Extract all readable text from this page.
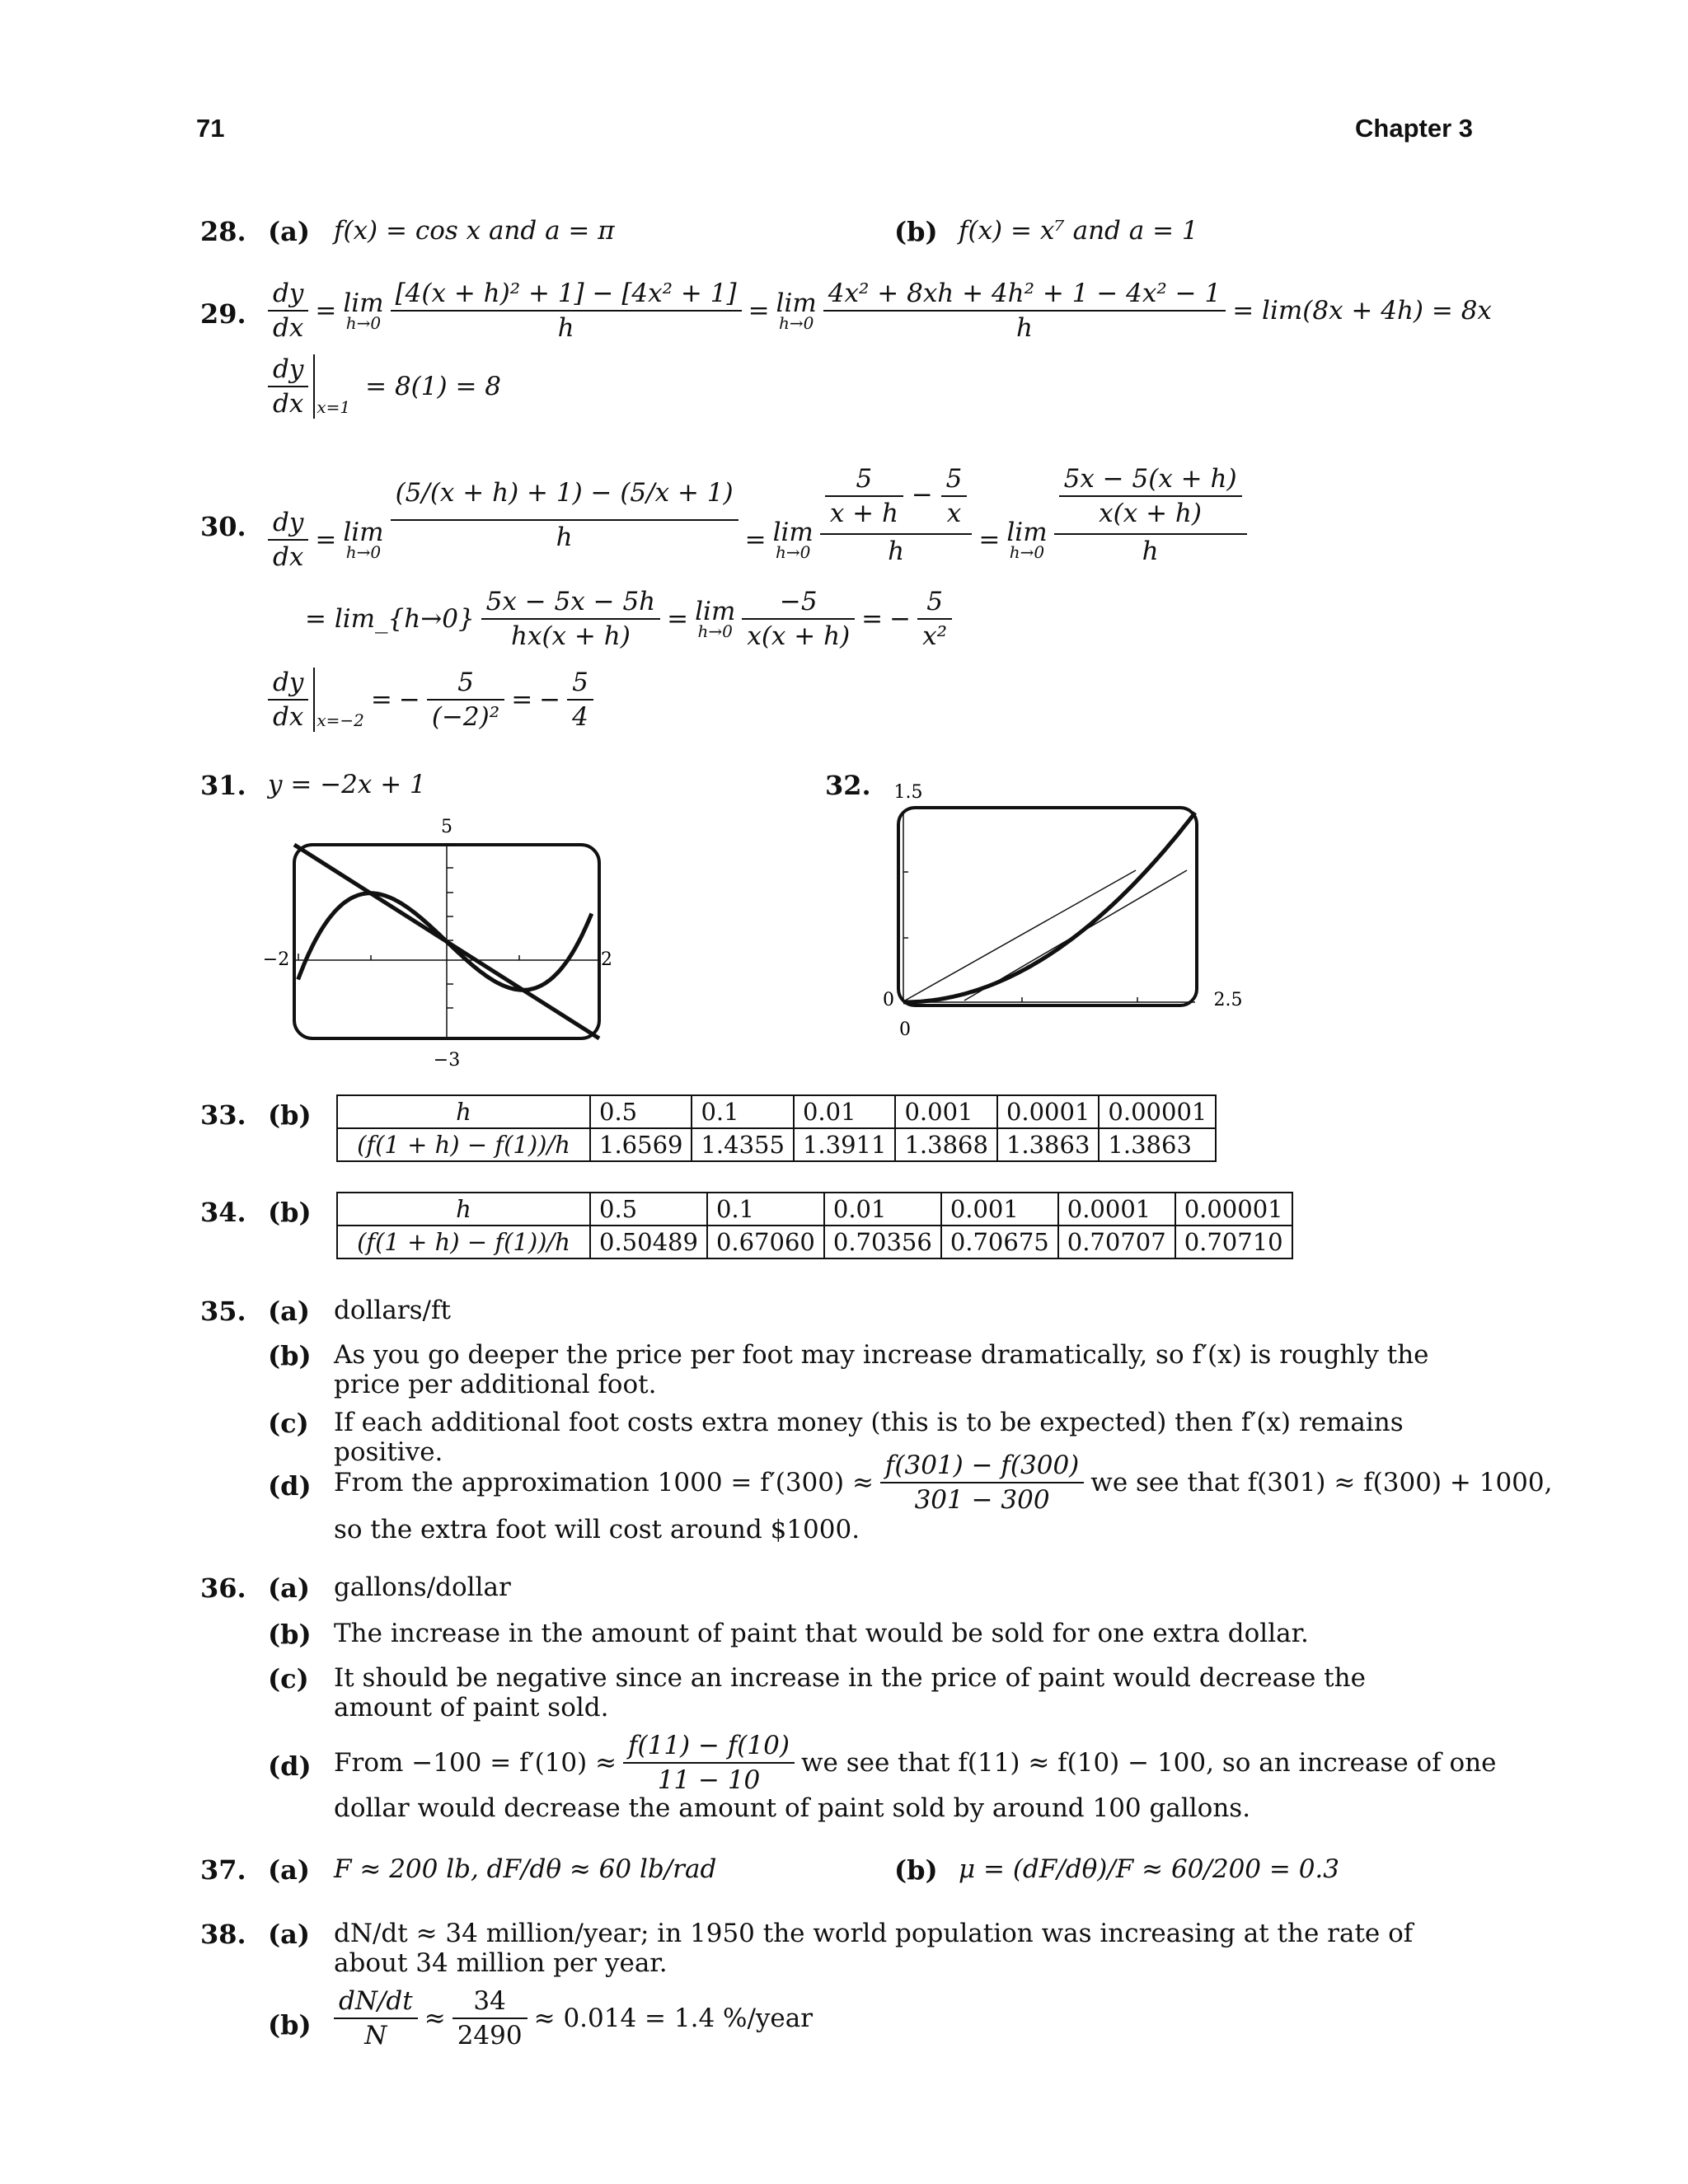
71	Chapter 3
28. (a) f(x) = cos x and a = π	(b) f(x) = x⁷ and a = 1
29. $\frac{dy}{dx} = \lim$
$h\to 0 \frac{\text{[4(x + h)² + 1] − [4x² + 1]}}{h} = \lim$
$h\to 0 \frac{\text{4x² + 8xh + 4h² + 1 − 4x² − 1}}{h} = \lim(8x + 4h) = 8x$
$\frac{dy}{dx} x=1$
= 8(1) = 8
30. $\frac{dy}{dx} = \lim$
$h\to 0 \frac{(5/(x + h) + 1) - (5/x + 1)}{h} = \lim$
$h\to 0 \frac{\frac{5}{x + h} - \frac{5}{x}}{h} = \lim$
$h\to 0 \frac{\frac{5x - 5(x + h)}{x(x + h)}}{h}$
= lim_{h→0} $\frac{5x - 5x - 5h}{hx(x + h)} = \lim$
$h\to 0 \frac{-5}{x(x + h)}$ = − $\frac{5}{\text{x²}}$
$\frac{dy}{dx} x=-2$
= − $\frac{5}{\text{(−2)²}}$ = − $\frac{5}{4}$
31. y = −2x + 1
5
−3
−2	2
32. 1.5
0
0
2.5
33. (b)	h	0.5	0.1	0.01	0.001	0.0001	0.00001
(f(1 + h) − f(1))/h	1.6569	1.4355	1.3911	1.3868	1.3863	1.3863
34. (b)	h	0.5	0.1	0.01	0.001	0.0001	0.00001
(f(1 + h) − f(1))/h	0.50489	0.67060	0.70356	0.70675	0.70707	0.70710
35. (a) dollars/ft
(b) As you go deeper the price per foot may increase dramatically, so f′(x) is roughly the price per additional foot.
(c) If each additional foot costs extra money (this is to be expected) then f′(x) remains positive.
(d) From the approximation $1000 = f'(300) \approx \frac{f(301) - f(300)}{301 - 300}$ we see that f(301) ≈ f(300) + 1000,
so the extra foot will cost around $1000.
36. (a) gallons/dollar
(b) The increase in the amount of paint that would be sold for one extra dollar.
(c) It should be negative since an increase in the price of paint would decrease the amount of paint sold.
(d) From $-100 = f'(10) \approx \frac{f(11) - f(10)}{11 - 10}$ we see that f(11) ≈ f(10) − 100, so an increase of one
dollar would decrease the amount of paint sold by around 100 gallons.
37. (a) F ≈ 200 lb, dF/dθ ≈ 60 lb/rad	(b) μ = (dF/dθ)/F ≈ 60/200 = 0.3
38. (a) dN/dt ≈ 34 million/year; in 1950 the world population was increasing at the rate of about 34 million per year.
$(b) \frac{dN/dt}{N} \approx \frac{34}{2490} \approx 0.014 = 1.4$ %/year
